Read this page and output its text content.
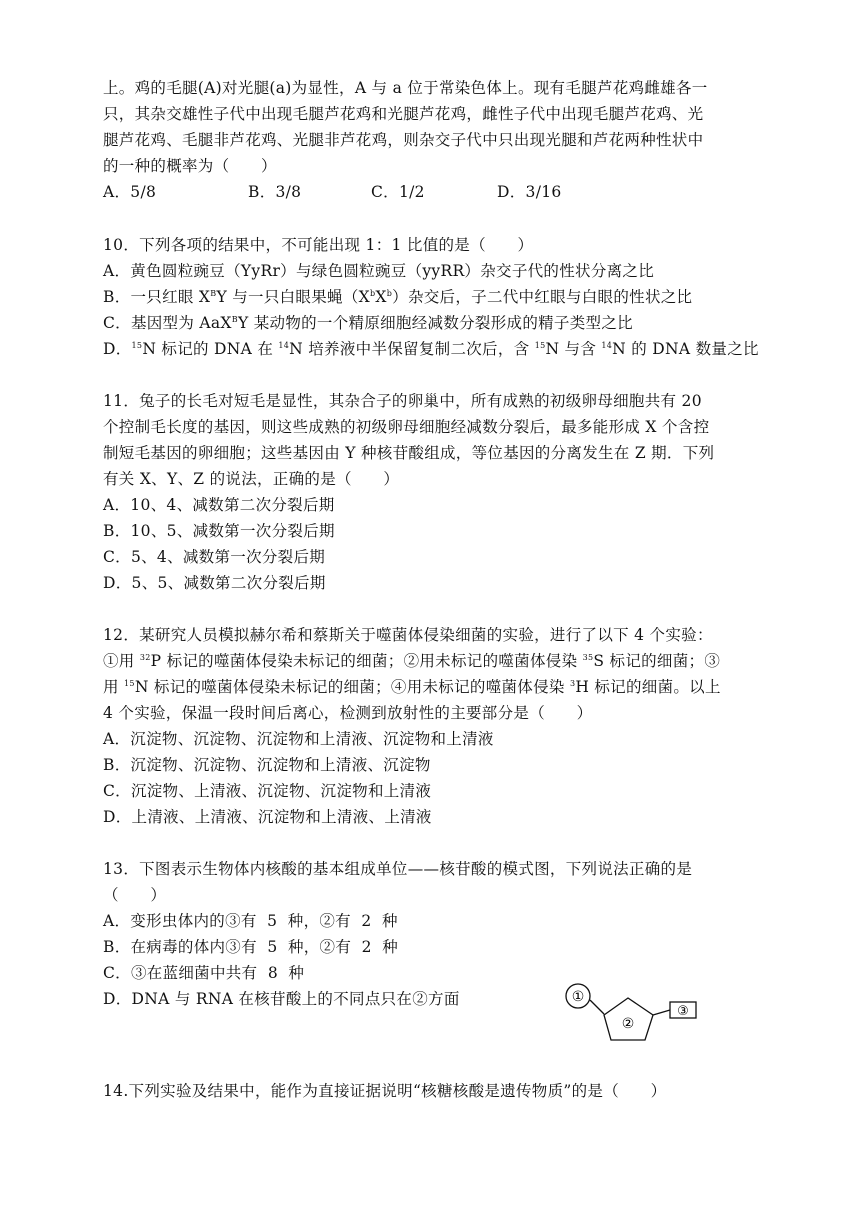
上。鸡的毛腿(A)对光腿(a)为显性，A 与 a 位于常染色体上。现有毛腿芦花鸡雌雄各一
只，其杂交雄性子代中出现毛腿芦花鸡和光腿芦花鸡，雌性子代中出现毛腿芦花鸡、光
腿芦花鸡、毛腿非芦花鸡、光腿非芦花鸡，则杂交子代中只出现光腿和芦花两种性状中
的一种的概率为（　　）
A．5/8	B．3/8	C．1/2	D．3/16
10．下列各项的结果中，不可能出现 1：1 比值的是（　　）
A．黄色圆粒豌豆（YyRr）与绿色圆粒豌豆（yyRR）杂交子代的性状分离之比
B．一只红眼 $X^BY$ 与一只白眼果蝇$(X^bX^b)$杂交后，子二代中红眼与白眼的性状之比
C．基因型为 AaX$^B$Y 某动物的一个精原细胞经减数分裂形成的精子类型之比
D．$^{15}$N 标记的 DNA 在 $^{14}$N 培养液中半保留复制二次后，含 $^{15}$N 与含 $^{14}$N 的 DNA 数量之比
11．兔子的长毛对短毛是显性，其杂合子的卵巢中，所有成熟的初级卵母细胞共有 20
个控制毛长度的基因，则这些成熟的初级卵母细胞经减数分裂后，最多能形成 X 个含控
制短毛基因的卵细胞；这些基因由 Y 种核苷酸组成，等位基因的分离发生在 Z 期．下列
有关 X、Y、Z 的说法，正确的是（　　）
A．10、4、减数第二次分裂后期
B．10、5、减数第一次分裂后期
C．5、4、减数第一次分裂后期
D．5、5、减数第二次分裂后期
12．某研究人员模拟赫尔希和蔡斯关于噬菌体侵染细菌的实验，进行了以下 4 个实验：
①用 $^{32}$P 标记的噬菌体侵染未标记的细菌；②用未标记的噬菌体侵染 $^{35}$S 标记的细菌；③
用 $^{15}$N 标记的噬菌体侵染未标记的细菌；④用未标记的噬菌体侵染 $^3$H 标记的细菌。以上
4 个实验，保温一段时间后离心，检测到放射性的主要部分是（　　）
A．沉淀物、沉淀物、沉淀物和上清液、沉淀物和上清液
B．沉淀物、沉淀物、沉淀物和上清液、沉淀物
C．沉淀物、上清液、沉淀物、沉淀物和上清液
D．上清液、上清液、沉淀物和上清液、上清液
13．下图表示生物体内核酸的基本组成单位——核苷酸的模式图，下列说法正确的是
（　　）
A．变形虫体内的③有  5  种，②有  2  种
B．在病毒的体内③有  5  种，②有  2  种
C．③在蓝细菌中共有  8  种
D．DNA 与 RNA 在核苷酸上的不同点只在②方面	①
②
③
14.下列实验及结果中，能作为直接证据说明“核糖核酸是遗传物质”的是（　　）
